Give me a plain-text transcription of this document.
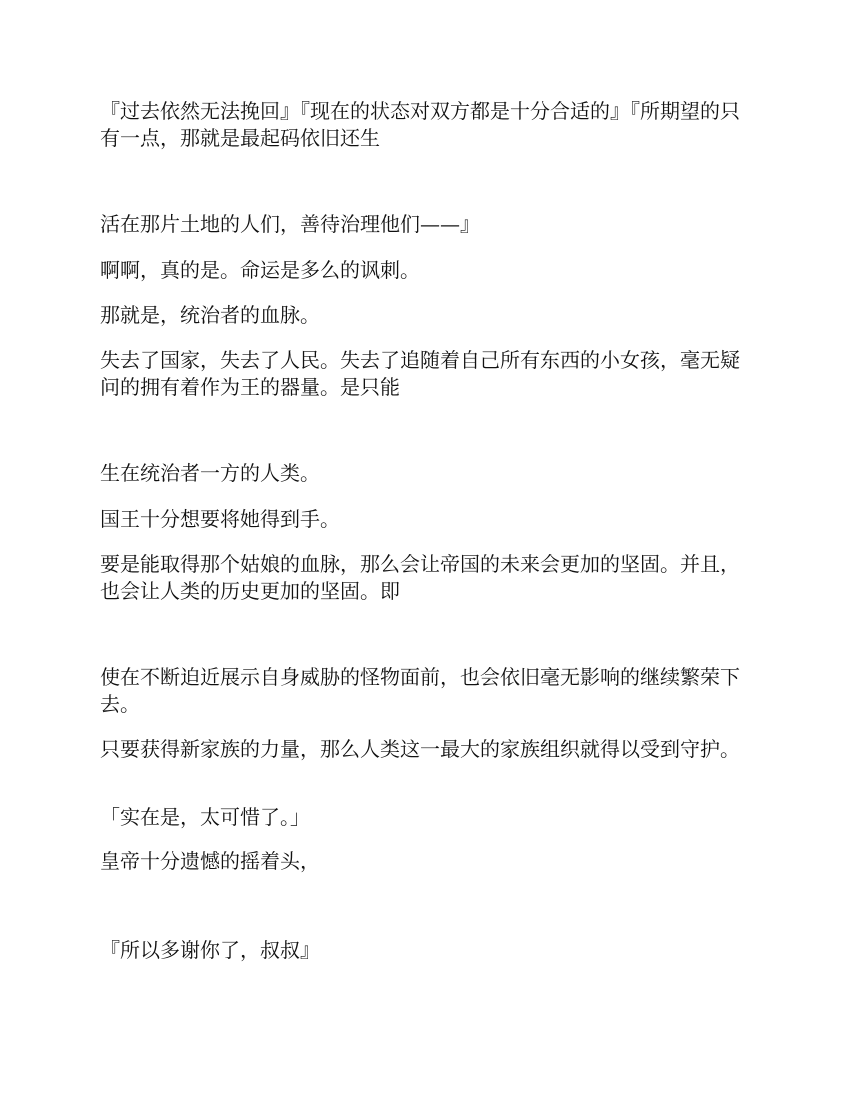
『过去依然无法挽回』『现在的状态对双方都是十分合适的』『所期望的只有一点，那就是最起码依旧还生

活在那片土地的人们，善待治理他们——』

啊啊，真的是。命运是多么的讽刺。

那就是，统治者的血脉。

失去了国家，失去了人民。失去了追随着自己所有东西的小女孩，毫无疑问的拥有着作为王的器量。是只能

生在统治者一方的人类。

国王十分想要将她得到手。

要是能取得那个姑娘的血脉，那么会让帝国的未来会更加的坚固。并且，也会让人类的历史更加的坚固。即

使在不断迫近展示自身威胁的怪物面前，也会依旧毫无影响的继续繁荣下去。

只要获得新家族的力量，那么人类这一最大的家族组织就得以受到守护。

「实在是，太可惜了。」

皇帝十分遗憾的摇着头，

『所以多谢你了，叔叔』
